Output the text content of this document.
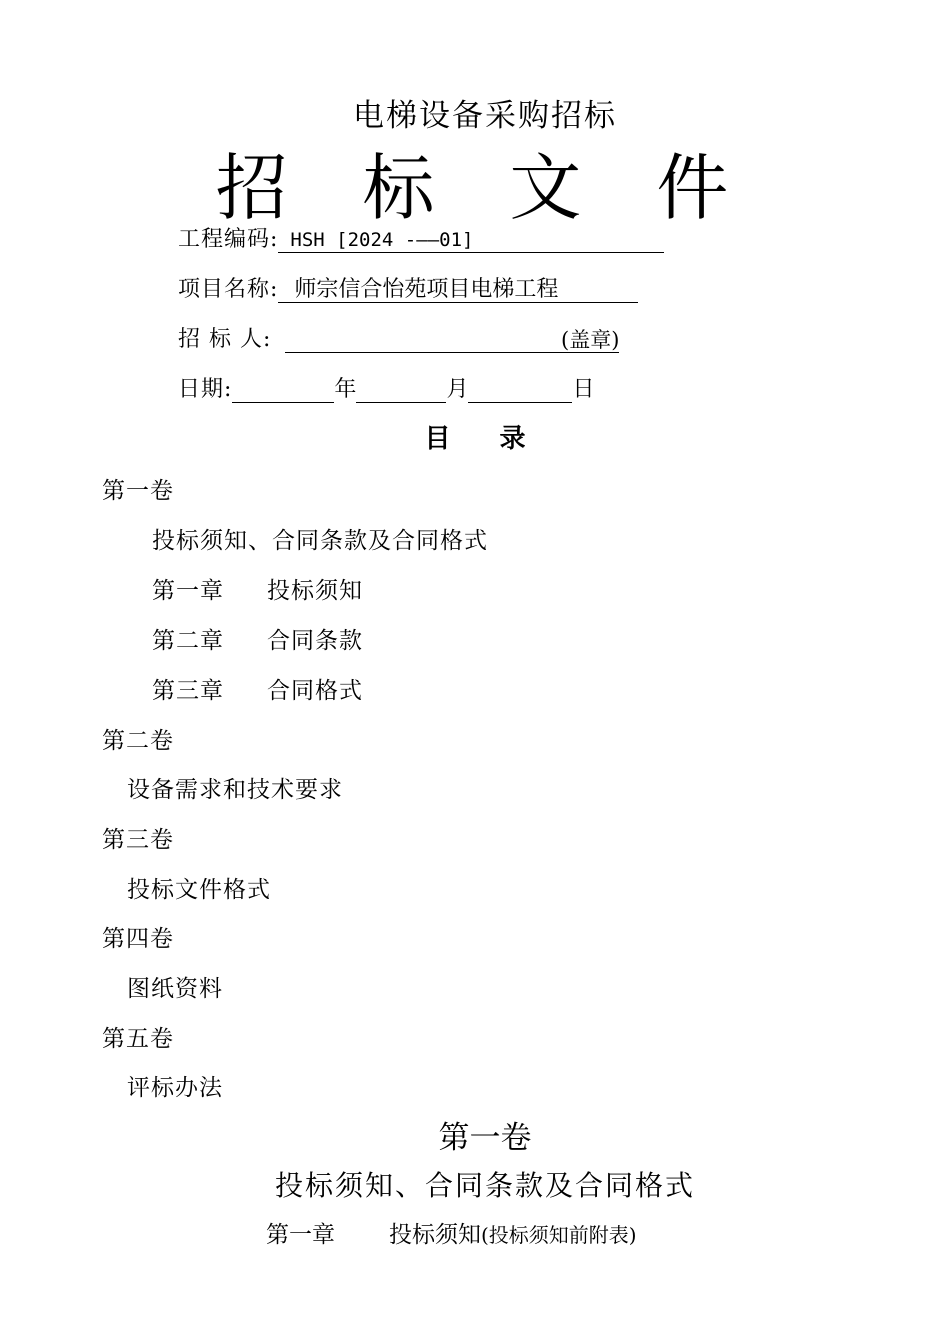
电梯设备采购招标
招 标 文 件
工程编码: HSH [2024 -——01]
项目名称: 师宗信合怡苑项目电梯工程
招 标 人:	(盖章)
日期:	年	月	日
目 录
第一卷
投标须知、合同条款及合同格式
第一章 投标须知
第二章 合同条款
第三章 合同格式
第二卷
设备需求和技术要求
第三卷
投标文件格式
第四卷
图纸资料
第五卷
评标办法
第一卷
投标须知、合同条款及合同格式
第一章 投标须知(投标须知前附表)
